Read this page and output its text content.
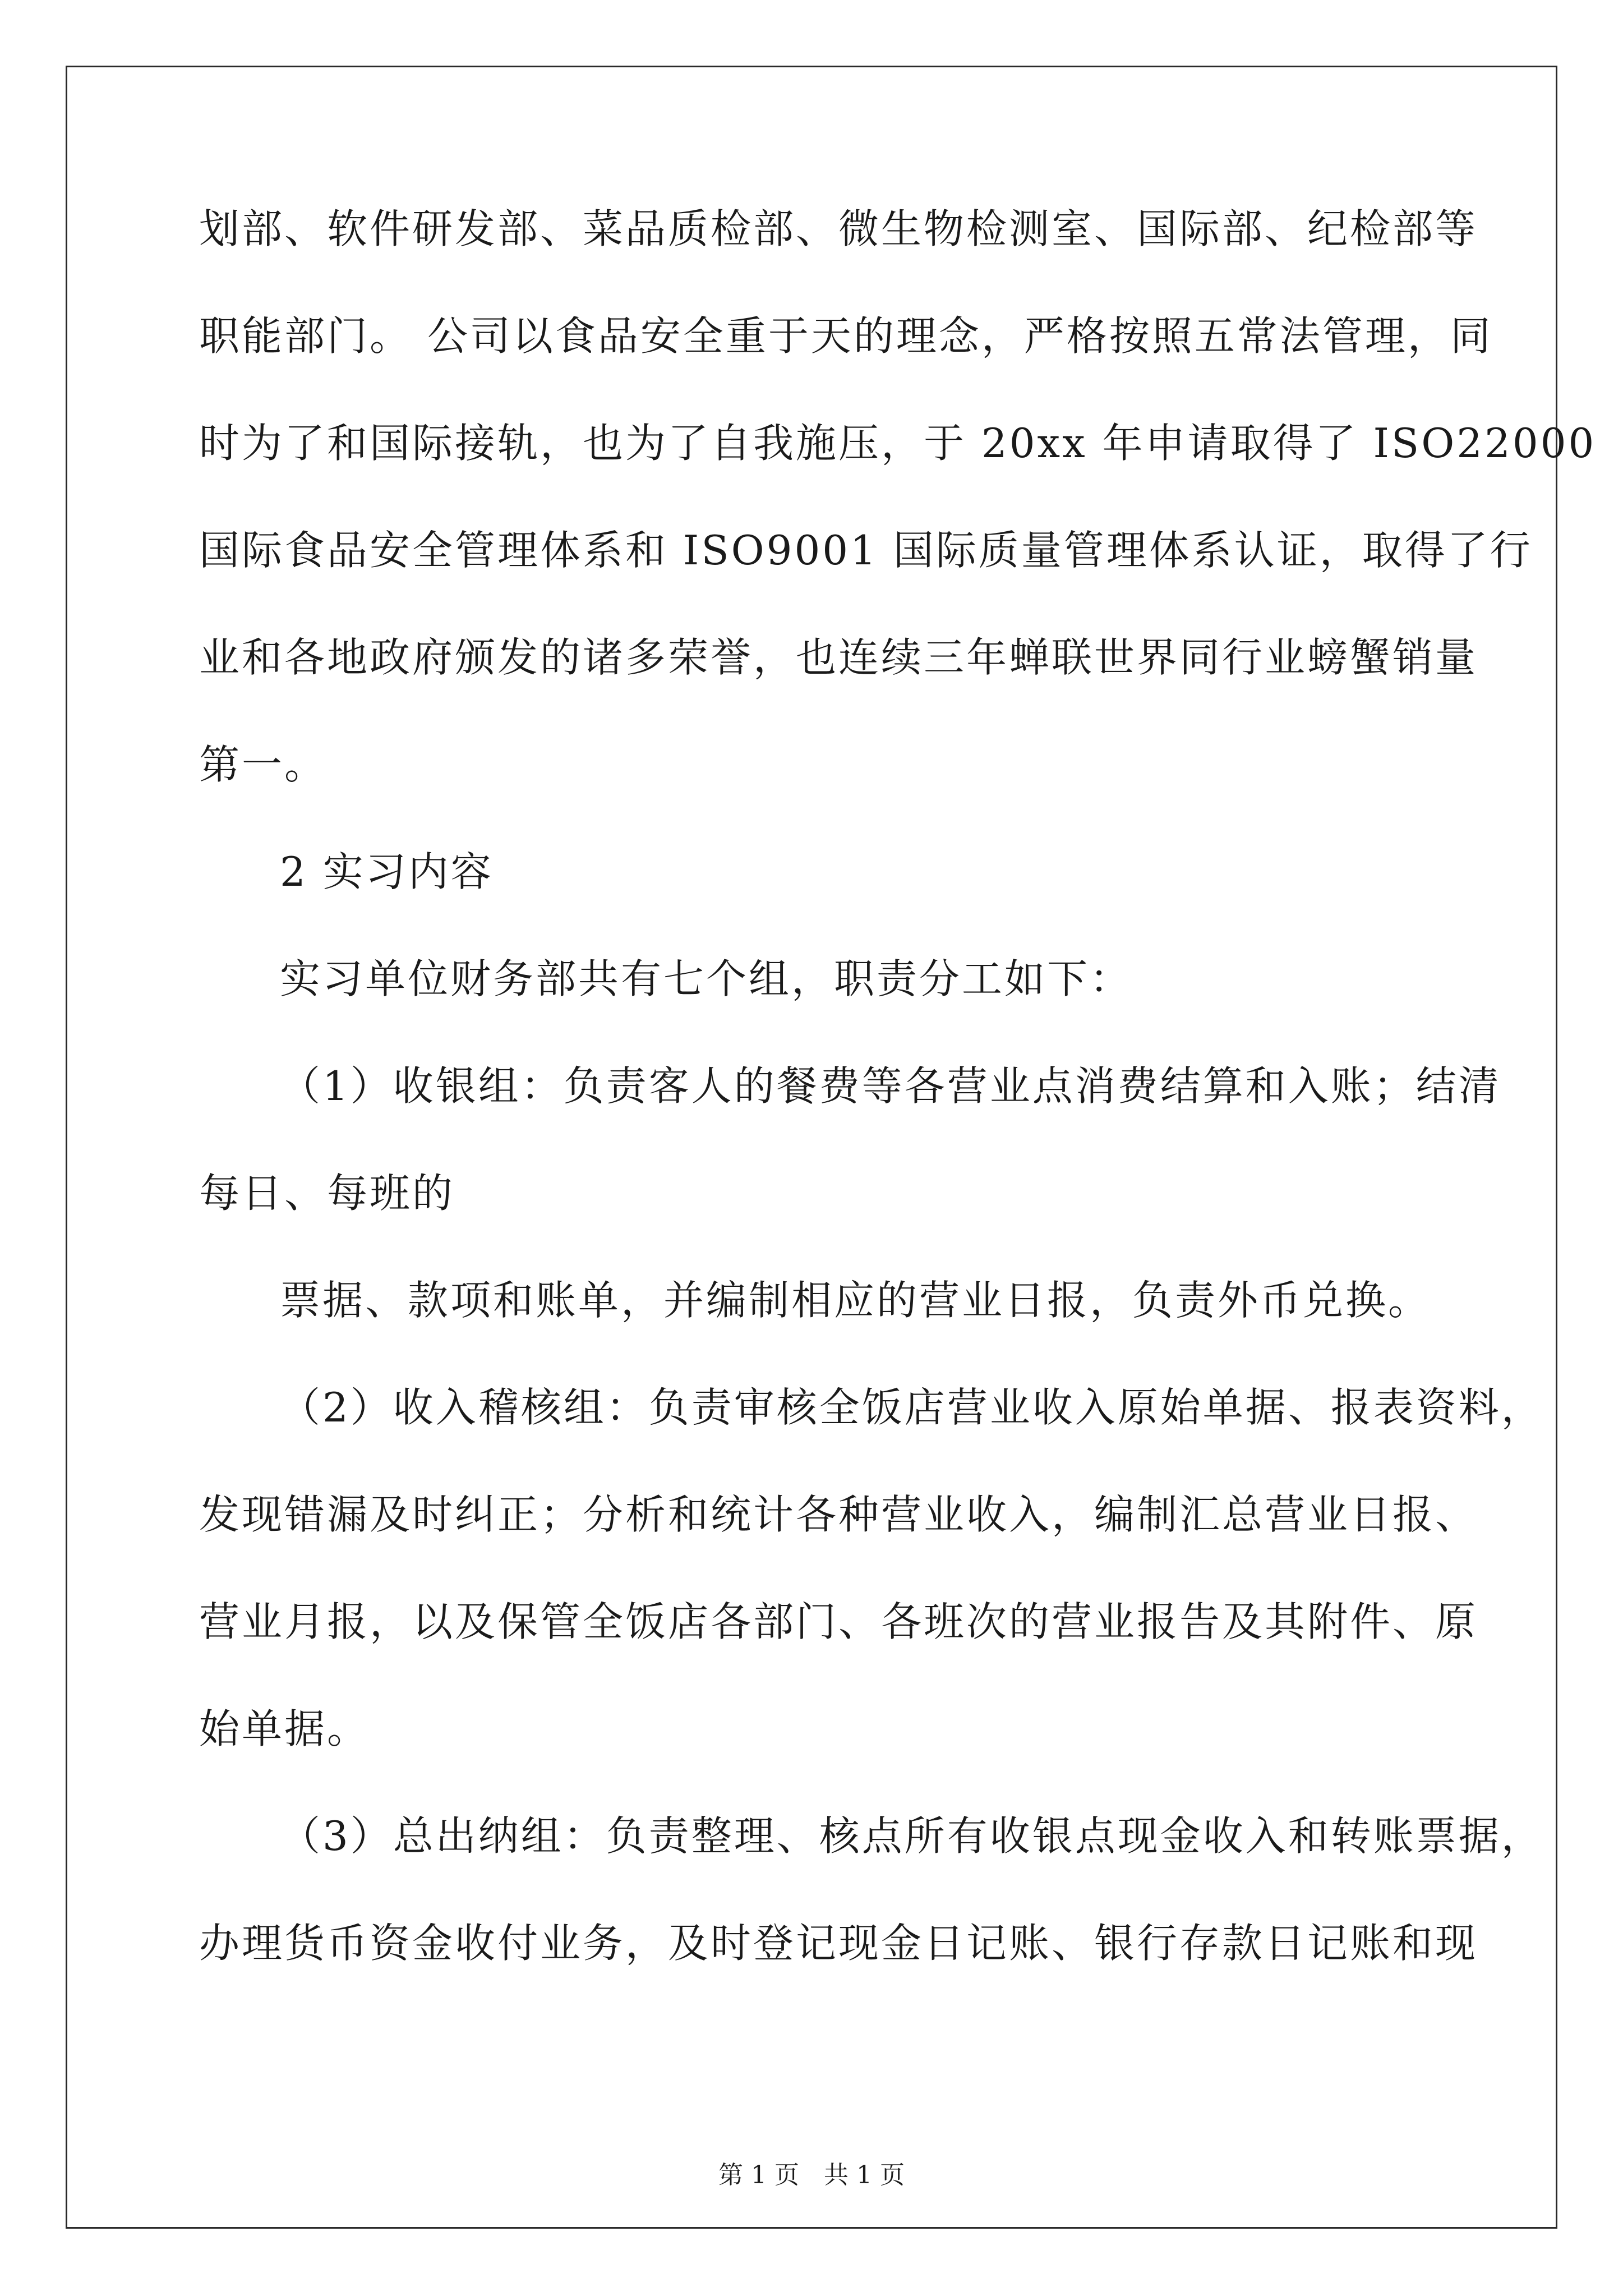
划部、软件研发部、菜品质检部、微生物检测室、国际部、纪检部等
职能部门。 公司以食品安全重于天的理念，严格按照五常法管理，同
时为了和国际接轨，也为了自我施压，于 20xx 年申请取得了 ISO22000
国际食品安全管理体系和 ISO9001 国际质量管理体系认证，取得了行
业和各地政府颁发的诸多荣誉，也连续三年蝉联世界同行业螃蟹销量
第一。
2 实习内容
实习单位财务部共有七个组，职责分工如下：
（1）收银组：负责客人的餐费等各营业点消费结算和入账；结清
每日、每班的
票据、款项和账单，并编制相应的营业日报，负责外币兑换。
（2）收入稽核组：负责审核全饭店营业收入原始单据、报表资料，
发现错漏及时纠正；分析和统计各种营业收入，编制汇总营业日报、
营业月报，以及保管全饭店各部门、各班次的营业报告及其附件、原
始单据。
（3）总出纳组：负责整理、核点所有收银点现金收入和转账票据，
办理货币资金收付业务，及时登记现金日记账、银行存款日记账和现
第 1 页　共 1 页
